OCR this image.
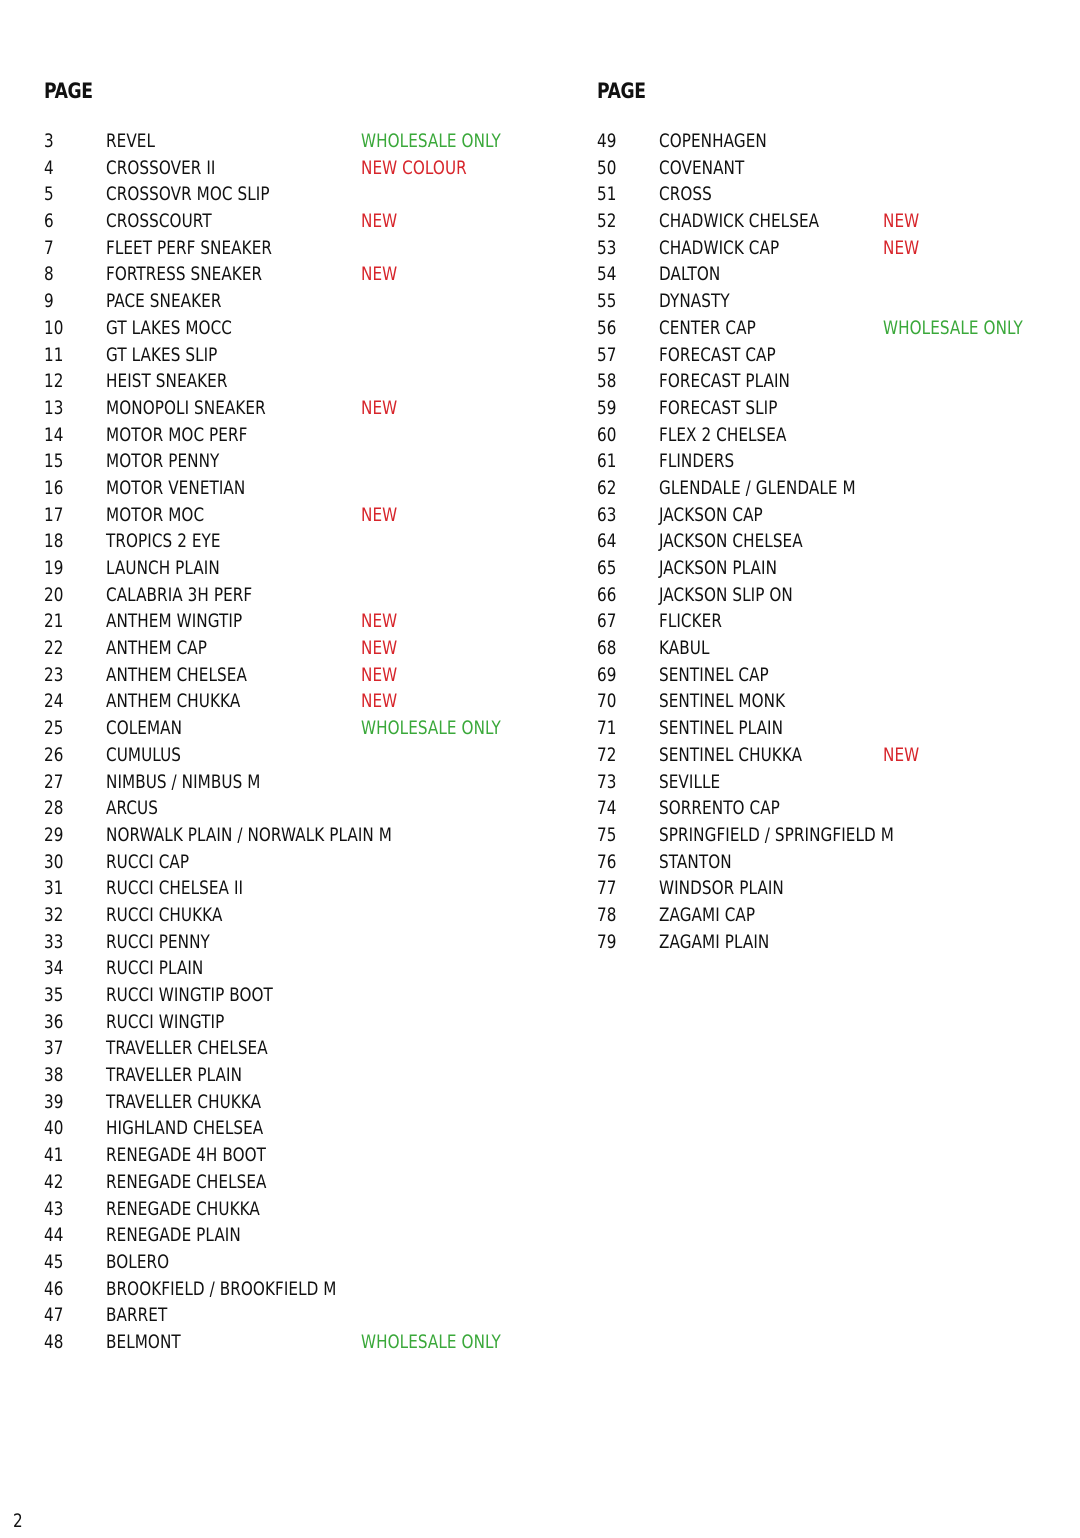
PAGE
3	REVEL	WHOLESALE ONLY
4	CROSSOVER II	NEW COLOUR
5	CROSSOVR MOC SLIP
6	CROSSCOURT	NEW
7	FLEET PERF SNEAKER
8	FORTRESS SNEAKER	NEW
9	PACE SNEAKER
10 GT LAKES MOCC
11 GT LAKES SLIP
12 HEIST SNEAKER
13 MONOPOLI SNEAKER	NEW
14 MOTOR MOC PERF
15 MOTOR PENNY
16 MOTOR VENETIAN
17 MOTOR MOC	NEW
18 TROPICS 2 EYE
19 LAUNCH PLAIN
20 CALABRIA 3H PERF
21 ANTHEM WINGTIP	NEW
22 ANTHEM CAP	NEW
23 ANTHEM CHELSEA	NEW
24 ANTHEM CHUKKA	NEW
25 COLEMAN	WHOLESALE ONLY
26 CUMULUS
27 NIMBUS / NIMBUS M
28 ARCUS
29 NORWALK PLAIN / NORWALK PLAIN M
30 RUCCI CAP
31 RUCCI CHELSEA II
32 RUCCI CHUKKA
33 RUCCI PENNY
34 RUCCI PLAIN
35 RUCCI WINGTIP BOOT
36 RUCCI WINGTIP
37 TRAVELLER CHELSEA
38 TRAVELLER PLAIN
39 TRAVELLER CHUKKA
40 HIGHLAND CHELSEA
41 RENEGADE 4H BOOT
42 RENEGADE CHELSEA
43 RENEGADE CHUKKA
44 RENEGADE PLAIN
45 BOLERO
46 BROOKFIELD / BROOKFIELD M
47 BARRET
48 BELMONT	WHOLESALE ONLY
PAGE
49 COPENHAGEN
50 COVENANT
51 CROSS
52 CHADWICK CHELSEA	NEW
53 CHADWICK CAP	NEW
54 DALTON
55 DYNASTY
56 CENTER CAP	WHOLESALE ONLY
57 FORECAST CAP
58 FORECAST PLAIN
59 FORECAST SLIP
60 FLEX 2 CHELSEA
61 FLINDERS
62 GLENDALE / GLENDALE M
63 JACKSON CAP
64 JACKSON CHELSEA
65 JACKSON PLAIN
66 JACKSON SLIP ON
67 FLICKER
68 KABUL
69 SENTINEL CAP
70 SENTINEL MONK
71 SENTINEL PLAIN
72 SENTINEL CHUKKA	NEW
73 SEVILLE
74 SORRENTO CAP
75 SPRINGFIELD / SPRINGFIELD M
76 STANTON
77 WINDSOR PLAIN
78 ZAGAMI CAP
79 ZAGAMI PLAIN
2
